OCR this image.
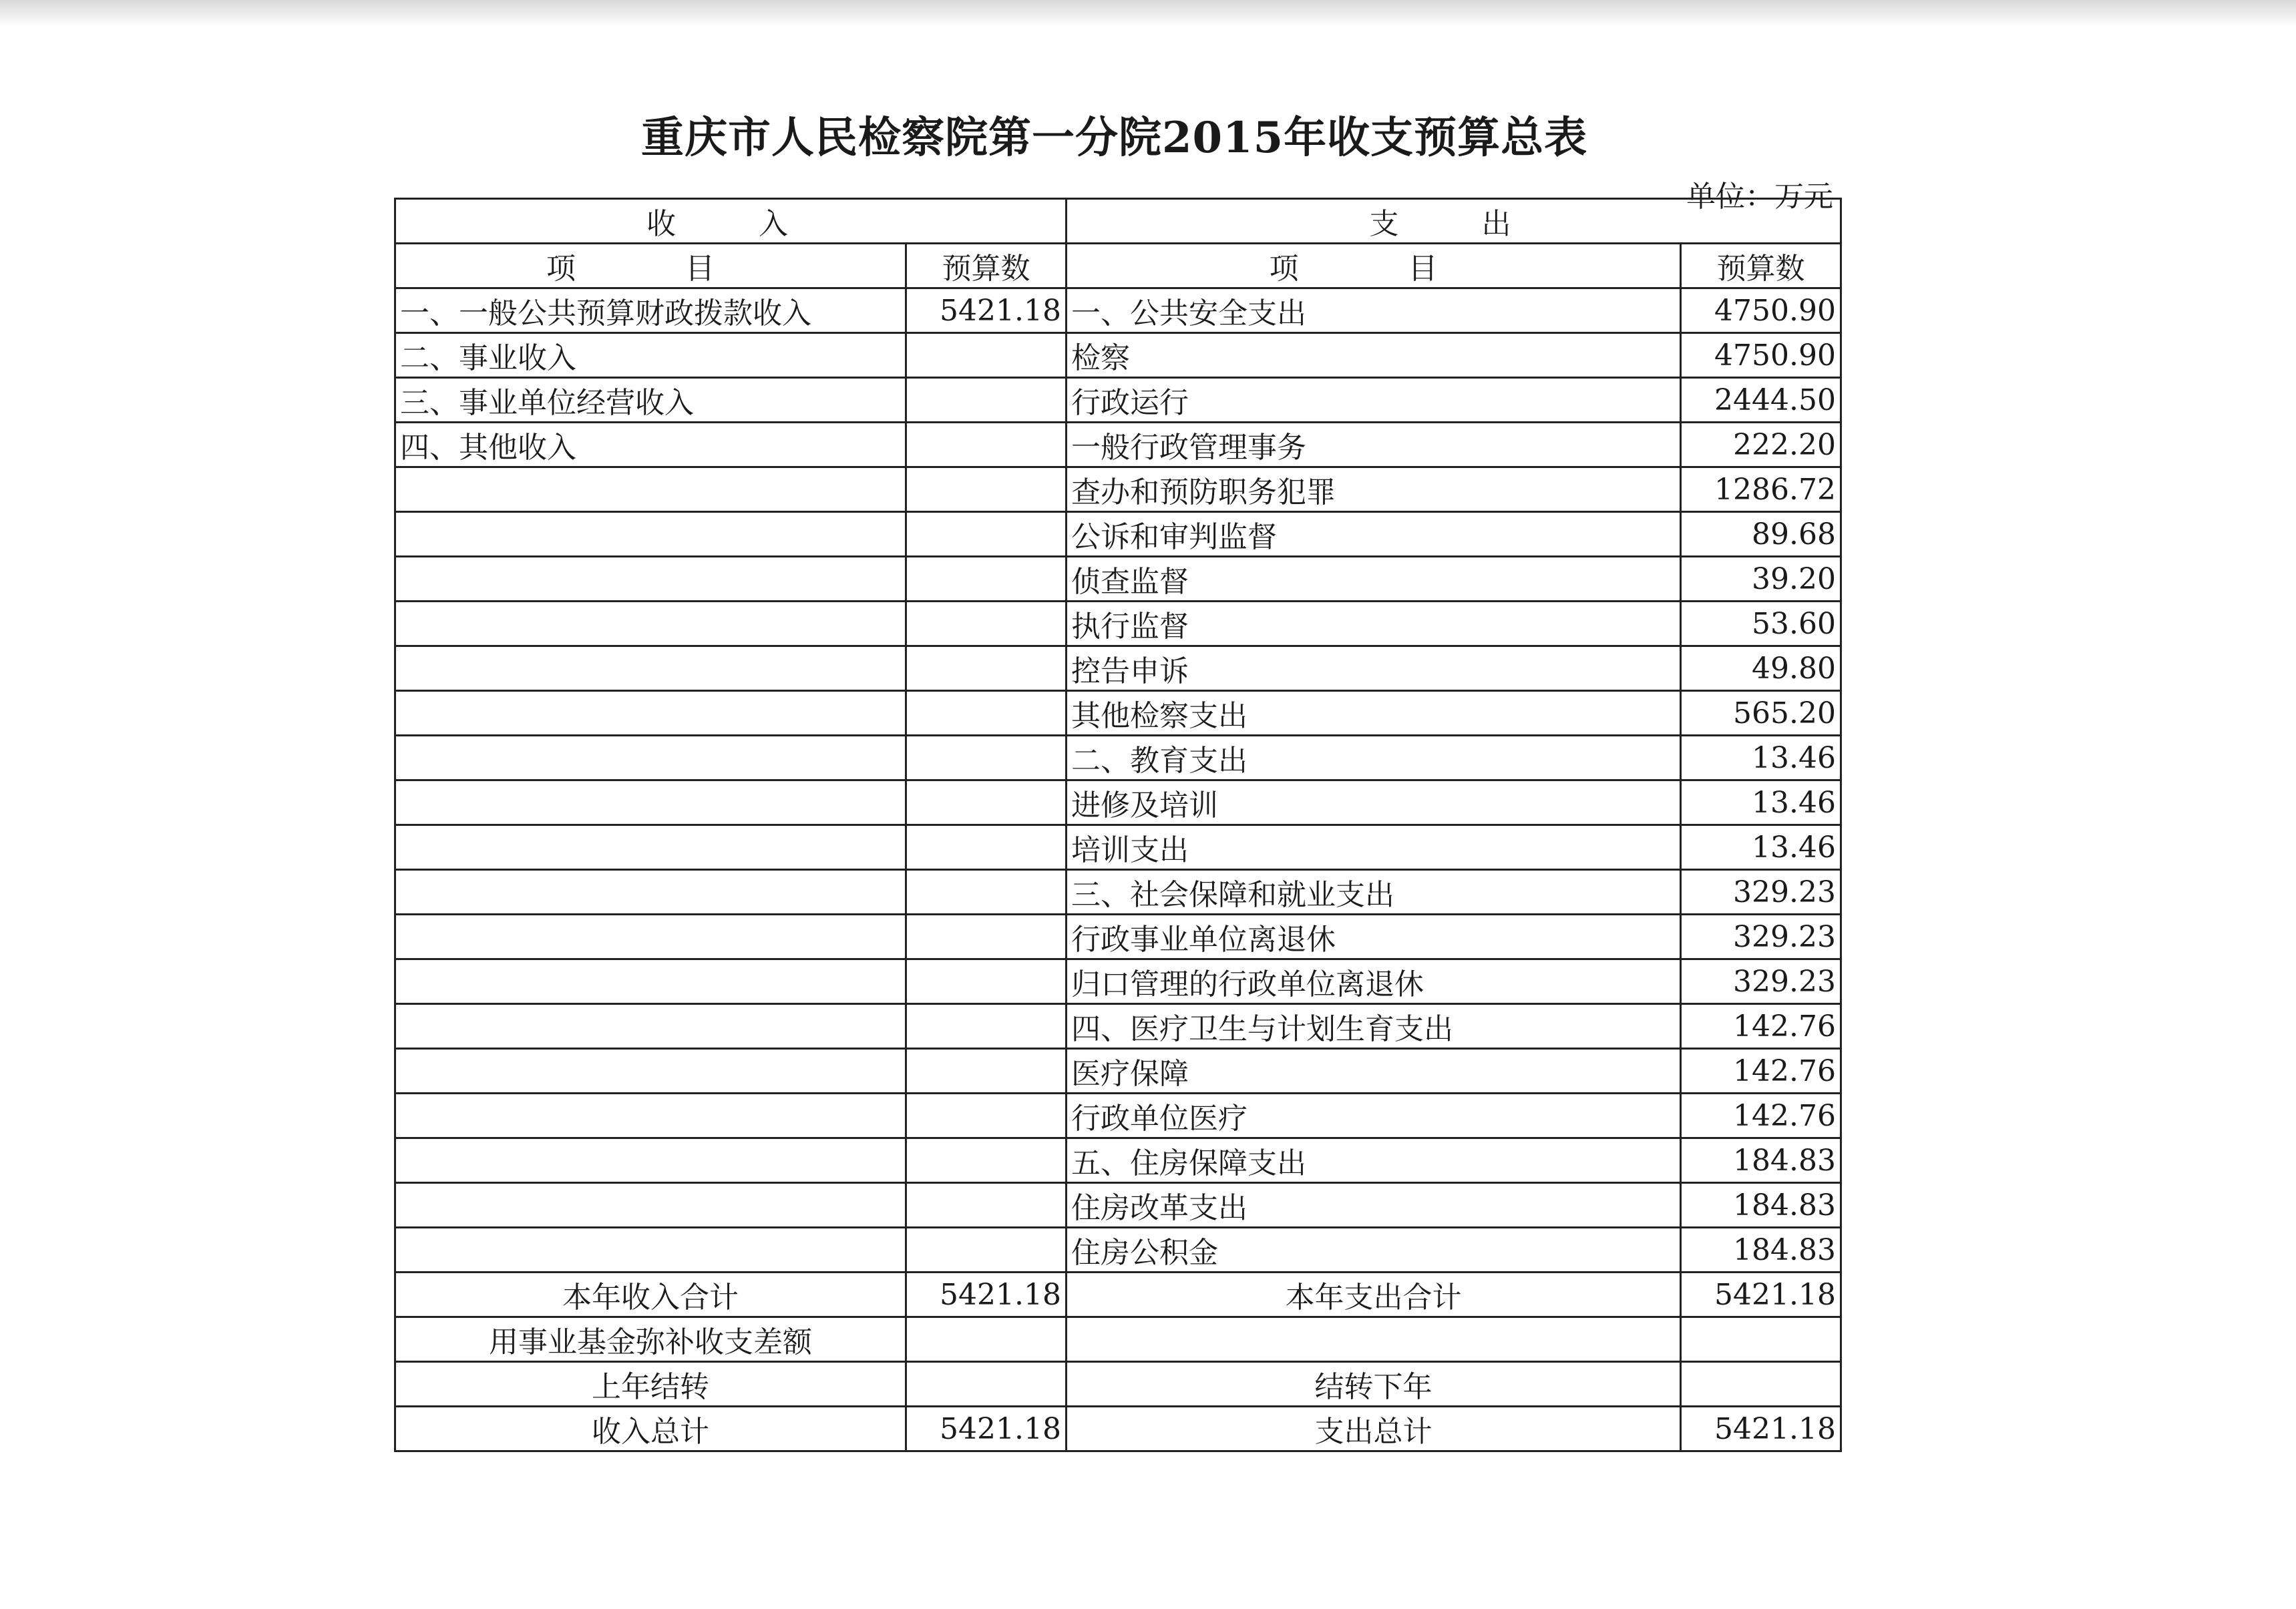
重庆市人民检察院第一分院2015年收支预算总表
单位：万元
收　入		支　出	
项　目	预算数	项　目	预算数
一、一般公共预算财政拨款收入	5421.18	一、公共安全支出	4750.90
二、事业收入		检察	4750.90
三、事业单位经营收入		行政运行	2444.50
四、其他收入		一般行政管理事务	222.20
		查办和预防职务犯罪	1286.72
		公诉和审判监督	89.68
		侦查监督	39.20
		执行监督	53.60
		控告申诉	49.80
		其他检察支出	565.20
		二、教育支出	13.46
		进修及培训	13.46
		培训支出	13.46
		三、社会保障和就业支出	329.23
		行政事业单位离退休	329.23
		归口管理的行政单位离退休	329.23
		四、医疗卫生与计划生育支出	142.76
		医疗保障	142.76
		行政单位医疗	142.76
		五、住房保障支出	184.83
		住房改革支出	184.83
		住房公积金	184.83
本年收入合计	5421.18	本年支出合计	5421.18
用事业基金弥补收支差额			
上年结转		结转下年	
收入总计	5421.18	支出总计	5421.18
